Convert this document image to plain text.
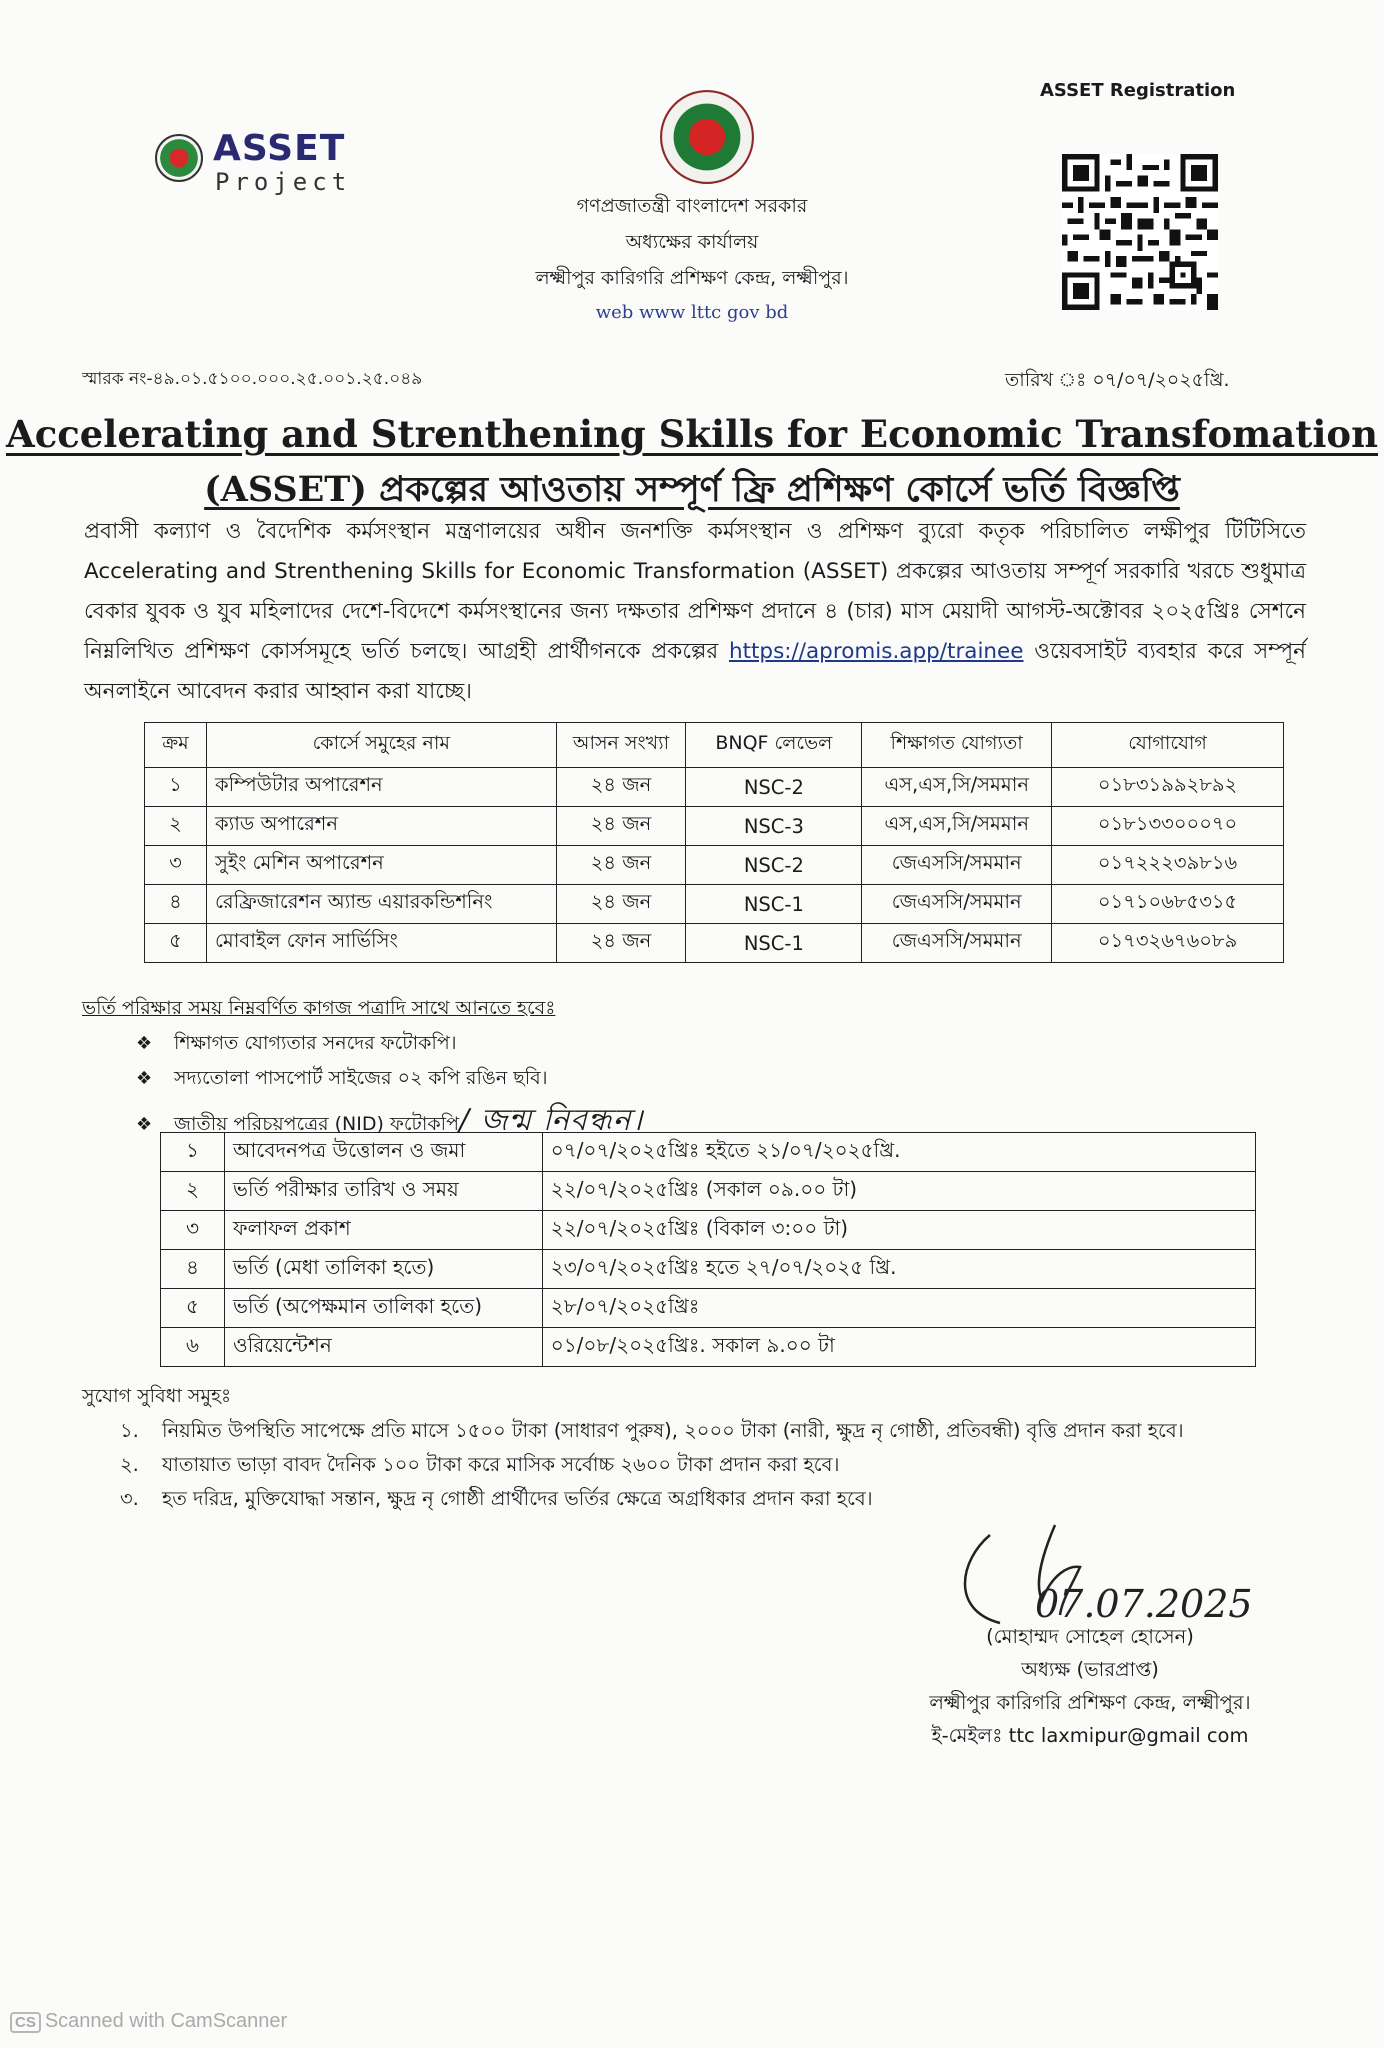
ASSET
Project
গণপ্রজাতন্ত্রী বাংলাদেশ সরকার
অধ্যক্ষের কার্যালয়
লক্ষ্মীপুর কারিগরি প্রশিক্ষণ কেন্দ্র, লক্ষ্মীপুর।
web www lttc gov bd
ASSET Registration
স্মারক নং-৪৯.০১.৫১০০.০০০.২৫.০০১.২৫.০৪৯	তারিখ ঃ ০৭/০৭/২০২৫খ্রি.
Accelerating and Strenthening Skills for Economic Transfomation
(ASSET) প্রকল্পের আওতায় সম্পূর্ণ ফ্রি প্রশিক্ষণ কোর্সে ভর্তি বিজ্ঞপ্তি
প্রবাসী কল্যাণ ও বৈদেশিক কর্মসংস্থান মন্ত্রণালয়ের অধীন জনশক্তি কর্মসংস্থান ও প্রশিক্ষণ ব্যুরো কতৃক পরিচালিত লক্ষীপুর টিটিসিতে Accelerating and Strenthening Skills for Economic Transformation (ASSET) প্রকল্পের আওতায় সম্পূর্ণ সরকারি খরচে শুধুমাত্র বেকার যুবক ও যুব মহিলাদের দেশে-বিদেশে কর্মসংস্থানের জন্য দক্ষতার প্রশিক্ষণ প্রদানে ৪ (চার) মাস মেয়াদী আগস্ট-অক্টোবর ২০২৫খ্রিঃ সেশনে নিম্নলিখিত প্রশিক্ষণ কোর্সসমূহে ভর্তি চলছে। আগ্রহী প্রার্থীগনকে প্রকল্পের https://apromis.app/trainee ওয়েবসাইট ব্যবহার করে সম্পূর্ন অনলাইনে আবেদন করার আহ্বান করা যাচ্ছে।
ক্রম	কোর্সে সমুহের নাম	আসন সংখ্যা	BNQF লেভেল	শিক্ষাগত যোগ্যতা	যোগাযোগ
১	কম্পিউটার অপারেশন	২৪ জন	NSC-2	এস,এস,সি/সমমান	০১৮৩১৯৯২৮৯২
২	ক্যাড অপারেশন	২৪ জন	NSC-3	এস,এস,সি/সমমান	০১৮১৩৩০০০৭০
৩	সুইং মেশিন অপারেশন	২৪ জন	NSC-2	জেএসসি/সমমান	০১৭২২২৩৯৮১৬
৪	রেফ্রিজারেশন অ্যান্ড এয়ারকন্ডিশনিং	২৪ জন	NSC-1	জেএসসি/সমমান	০১৭১০৬৮৫৩১৫
৫	মোবাইল ফোন সার্ভিসিং	২৪ জন	NSC-1	জেএসসি/সমমান	০১৭৩২৬৭৬০৮৯
ভর্তি পরিক্ষার সময় নিম্নবর্ণিত কাগজ পত্রাদি সাথে আনতে হবেঃ
❖ শিক্ষাগত যোগ্যতার সনদের ফটোকপি।
❖ সদ্যতোলা পাসপোর্ট সাইজের ০২ কপি রঙিন ছবি।
❖ জাতীয় পরিচয়পত্রের (NID) ফটোকপি/ জন্ম নিবন্ধন।
১	আবেদনপত্র উত্তোলন ও জমা	০৭/০৭/২০২৫খ্রিঃ হইতে ২১/০৭/২০২৫খ্রি.
২	ভর্তি পরীক্ষার তারিখ ও সময়	২২/০৭/২০২৫খ্রিঃ (সকাল ০৯.০০ টা)
৩	ফলাফল প্রকাশ	২২/০৭/২০২৫খ্রিঃ (বিকাল ৩:০০ টা)
৪	ভর্তি (মেধা তালিকা হতে)	২৩/০৭/২০২৫খ্রিঃ হতে ২৭/০৭/২০২৫ খ্রি.
৫	ভর্তি (অপেক্ষমান তালিকা হতে)	২৮/০৭/২০২৫খ্রিঃ
৬	ওরিয়েন্টেশন	০১/০৮/২০২৫খ্রিঃ. সকাল ৯.০০ টা
সুযোগ সুবিধা সমুহঃ
১. নিয়মিত উপস্থিতি সাপেক্ষে প্রতি মাসে ১৫০০ টাকা (সাধারণ পুরুষ), ২০০০ টাকা (নারী, ক্ষুদ্র নৃ গোষ্ঠী, প্রতিবন্ধী) বৃত্তি প্রদান করা হবে।
২. যাতায়াত ভাড়া বাবদ দৈনিক ১০০ টাকা করে মাসিক সর্বোচ্চ ২৬০০ টাকা প্রদান করা হবে।
৩. হত দরিদ্র, মুক্তিযোদ্ধা সন্তান, ক্ষুদ্র নৃ গোষ্ঠী প্রার্থীদের ভর্তির ক্ষেত্রে অগ্রধিকার প্রদান করা হবে।
07.07.2025
(মোহাম্মদ সোহেল হোসেন)
অধ্যক্ষ (ভারপ্রাপ্ত)
লক্ষ্মীপুর কারিগরি প্রশিক্ষণ কেন্দ্র, লক্ষ্মীপুর।
ই-মেইলঃ ttc laxmipur@gmail com
CS Scanned with CamScanner
